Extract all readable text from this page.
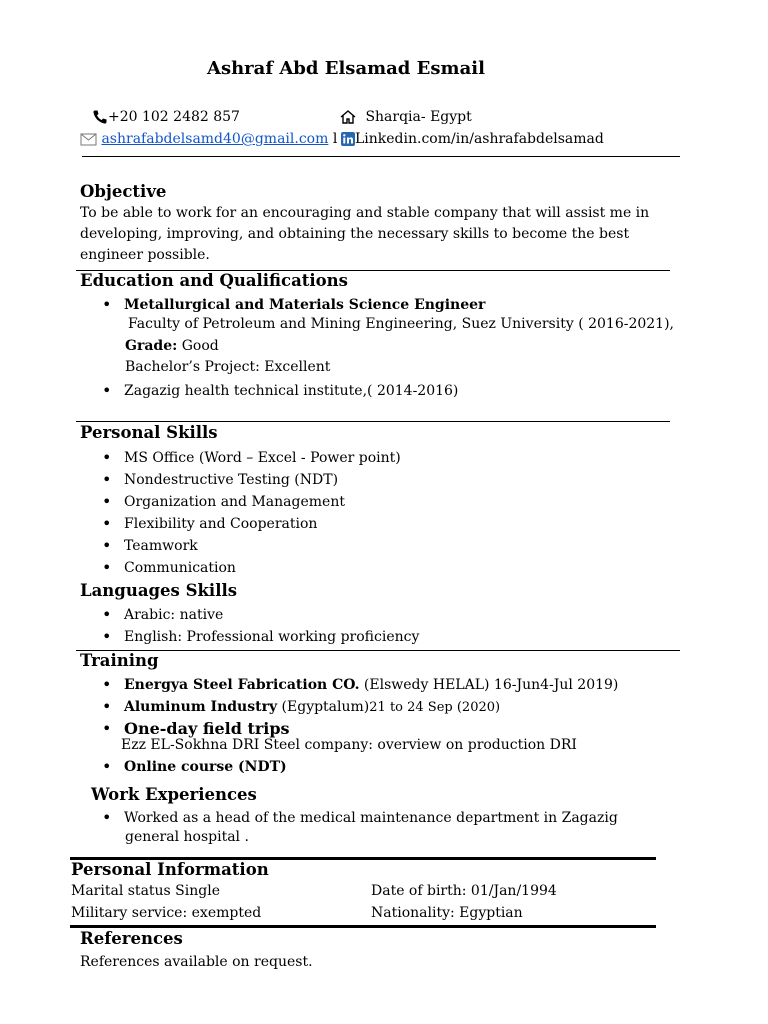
Ashraf Abd Elsamad Esmail
+20 102 2482 857	Sharqia- Egypt
ashrafabdelsamd40@gmail.com l	Linkedin.com/in/ashrafabdelsamad
Objective
To be able to work for an encouraging and stable company that will assist me in
developing, improving, and obtaining the necessary skills to become the best
engineer possible.
Education and Qualifications
• Metallurgical and Materials Science Engineer
Faculty of Petroleum and Mining Engineering, Suez University ( 2016-2021),
Grade: Good
Bachelor’s Project: Excellent
• Zagazig health technical institute,( 2014-2016)
Personal Skills
• MS Office (Word – Excel - Power point)
• Nondestructive Testing (NDT)
• Organization and Management
• Flexibility and Cooperation
• Teamwork
• Communication
Languages Skills
• Arabic: native
• English: Professional working proficiency
Training
• Energya Steel Fabrication CO. (Elswedy HELAL) 16-Jun4-Jul 2019)
• Aluminum Industry (Egyptalum)21 to 24 Sep (2020)
• One-day field trips
Ezz EL-Sokhna DRI Steel company: overview on production DRI
• Online course (NDT)
Work Experiences
• Worked as a head of the medical maintenance department in Zagazig
general hospital .
Personal Information
Marital status Single	Date of birth: 01/Jan/1994
Military service: exempted	Nationality: Egyptian
References
References available on request.
